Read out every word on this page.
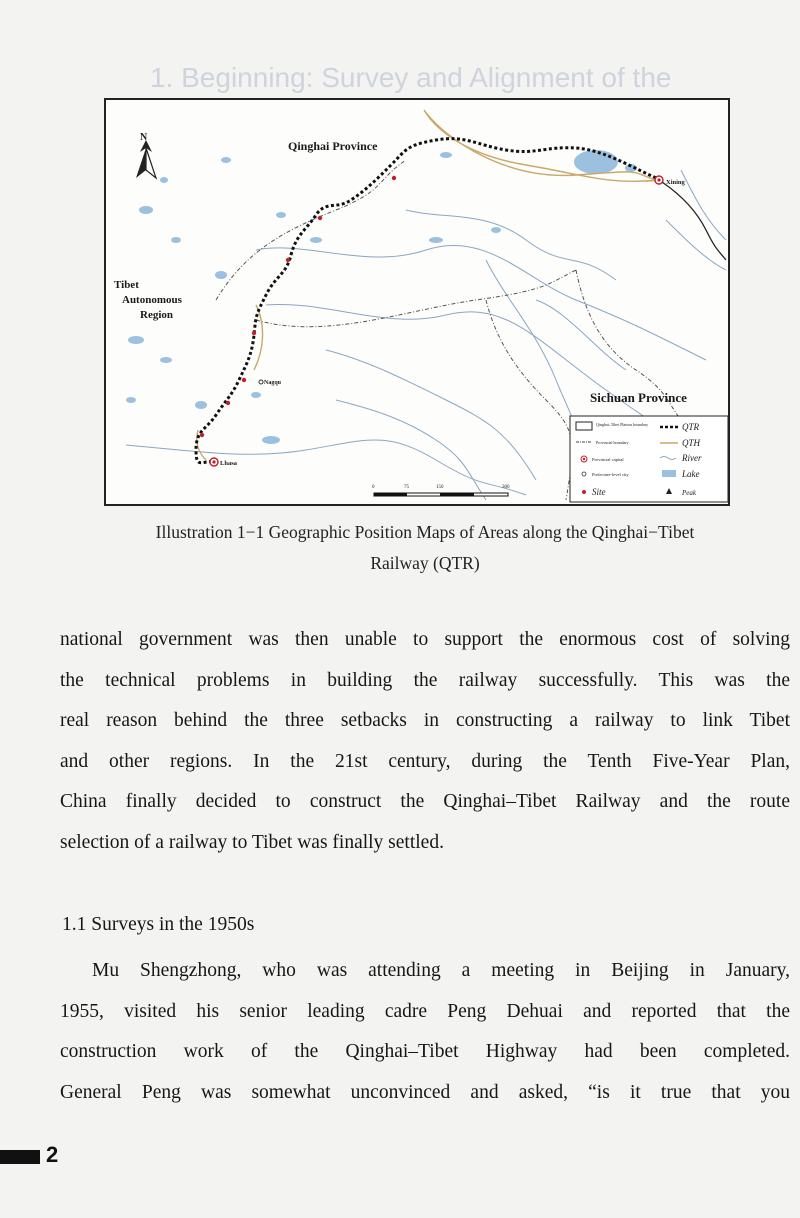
1. Beginning: Survey and Alignment of the
N
Qinghai Province
Tibet
Autonomous
Region
Sichuan Province
Xining
Lhasa
Nagqu
0	75	150	300
Qinghai–Tibet Plateau boundary
Provincial boundary
Provincial capital
Prefecture-level city
Site
QTR
QTH
River
Lake
Peak
Illustration 1−1 Geographic Position Maps of Areas along the Qinghai−Tibet
Railway (QTR)
national government was then unable to support the enormous cost of solving
the technical problems in building the railway successfully. This was the
real reason behind the three setbacks in constructing a railway to link Tibet
and other regions. In the 21st century, during the Tenth Five-Year Plan,
China finally decided to construct the Qinghai–Tibet Railway and the route
selection of a railway to Tibet was finally settled.
1.1 Surveys in the 1950s
Mu Shengzhong, who was attending a meeting in Beijing in January,
1955, visited his senior leading cadre Peng Dehuai and reported that the
construction work of the Qinghai–Tibet Highway had been completed.
General Peng was somewhat unconvinced and asked, “is it true that you
2
